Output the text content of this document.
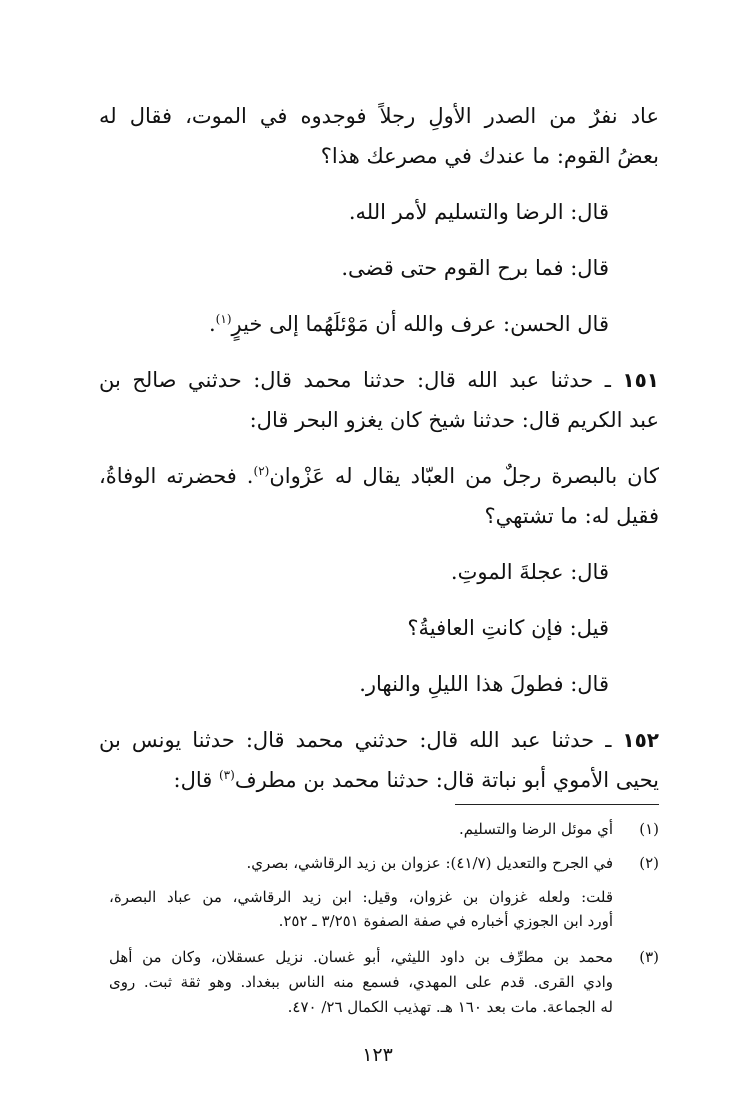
عاد نفرٌ من الصدر الأولِ رجلاً فوجدوه في الموت، فقال له
بعضُ القوم: ما عندك في مصرعك هذا؟
قال: الرضا والتسليم لأمر الله.
قال: فما برح القوم حتى قضى.
قال الحسن: عرف والله أن مَوْئلَهُما إلى خيرٍ$^{(١)}$.
١٥١ ـ حدثنا عبد الله قال: حدثنا محمد قال: حدثني صالح بن
عبد الكريم قال: حدثنا شيخ كان يغزو البحر قال:
كان بالبصرة رجلٌ من العبّاد يقال له عَزْوان$^{(٢)}$. فحضرته الوفاةُ،
فقيل له: ما تشتهي؟
قال: عجلةَ الموتِ.
قيل: فإن كانتِ العافيةُ؟
قال: فطولَ هذا الليلِ والنهار.
١٥٢ ـ حدثنا عبد الله قال: حدثني محمد قال: حدثنا يونس بن
يحيى الأموي أبو نباتة قال: حدثنا محمد بن مطرف$^{(٣)}$ قال:
(١)
أي موئل الرضا والتسليم.
(٢)
في الجرح والتعديل (٤١/٧): عزوان بن زيد الرقاشي، بصري.
قلت: ولعله غزوان بن غزوان، وقيل: ابن زيد الرقاشي، من عباد البصرة،
أورد ابن الجوزي أخباره في صفة الصفوة ٣/٢٥١ ـ ٢٥٢.
(٣)
محمد بن مطرِّف بن داود الليثي، أبو غسان. نزيل عسقلان، وكان من أهل
وادي القرى. قدم على المهدي، فسمع منه الناس ببغداد. وهو ثقة ثبت. روى
له الجماعة. مات بعد ١٦٠ هـ. تهذيب الكمال ٢٦/ ٤٧٠.
١٢٣
